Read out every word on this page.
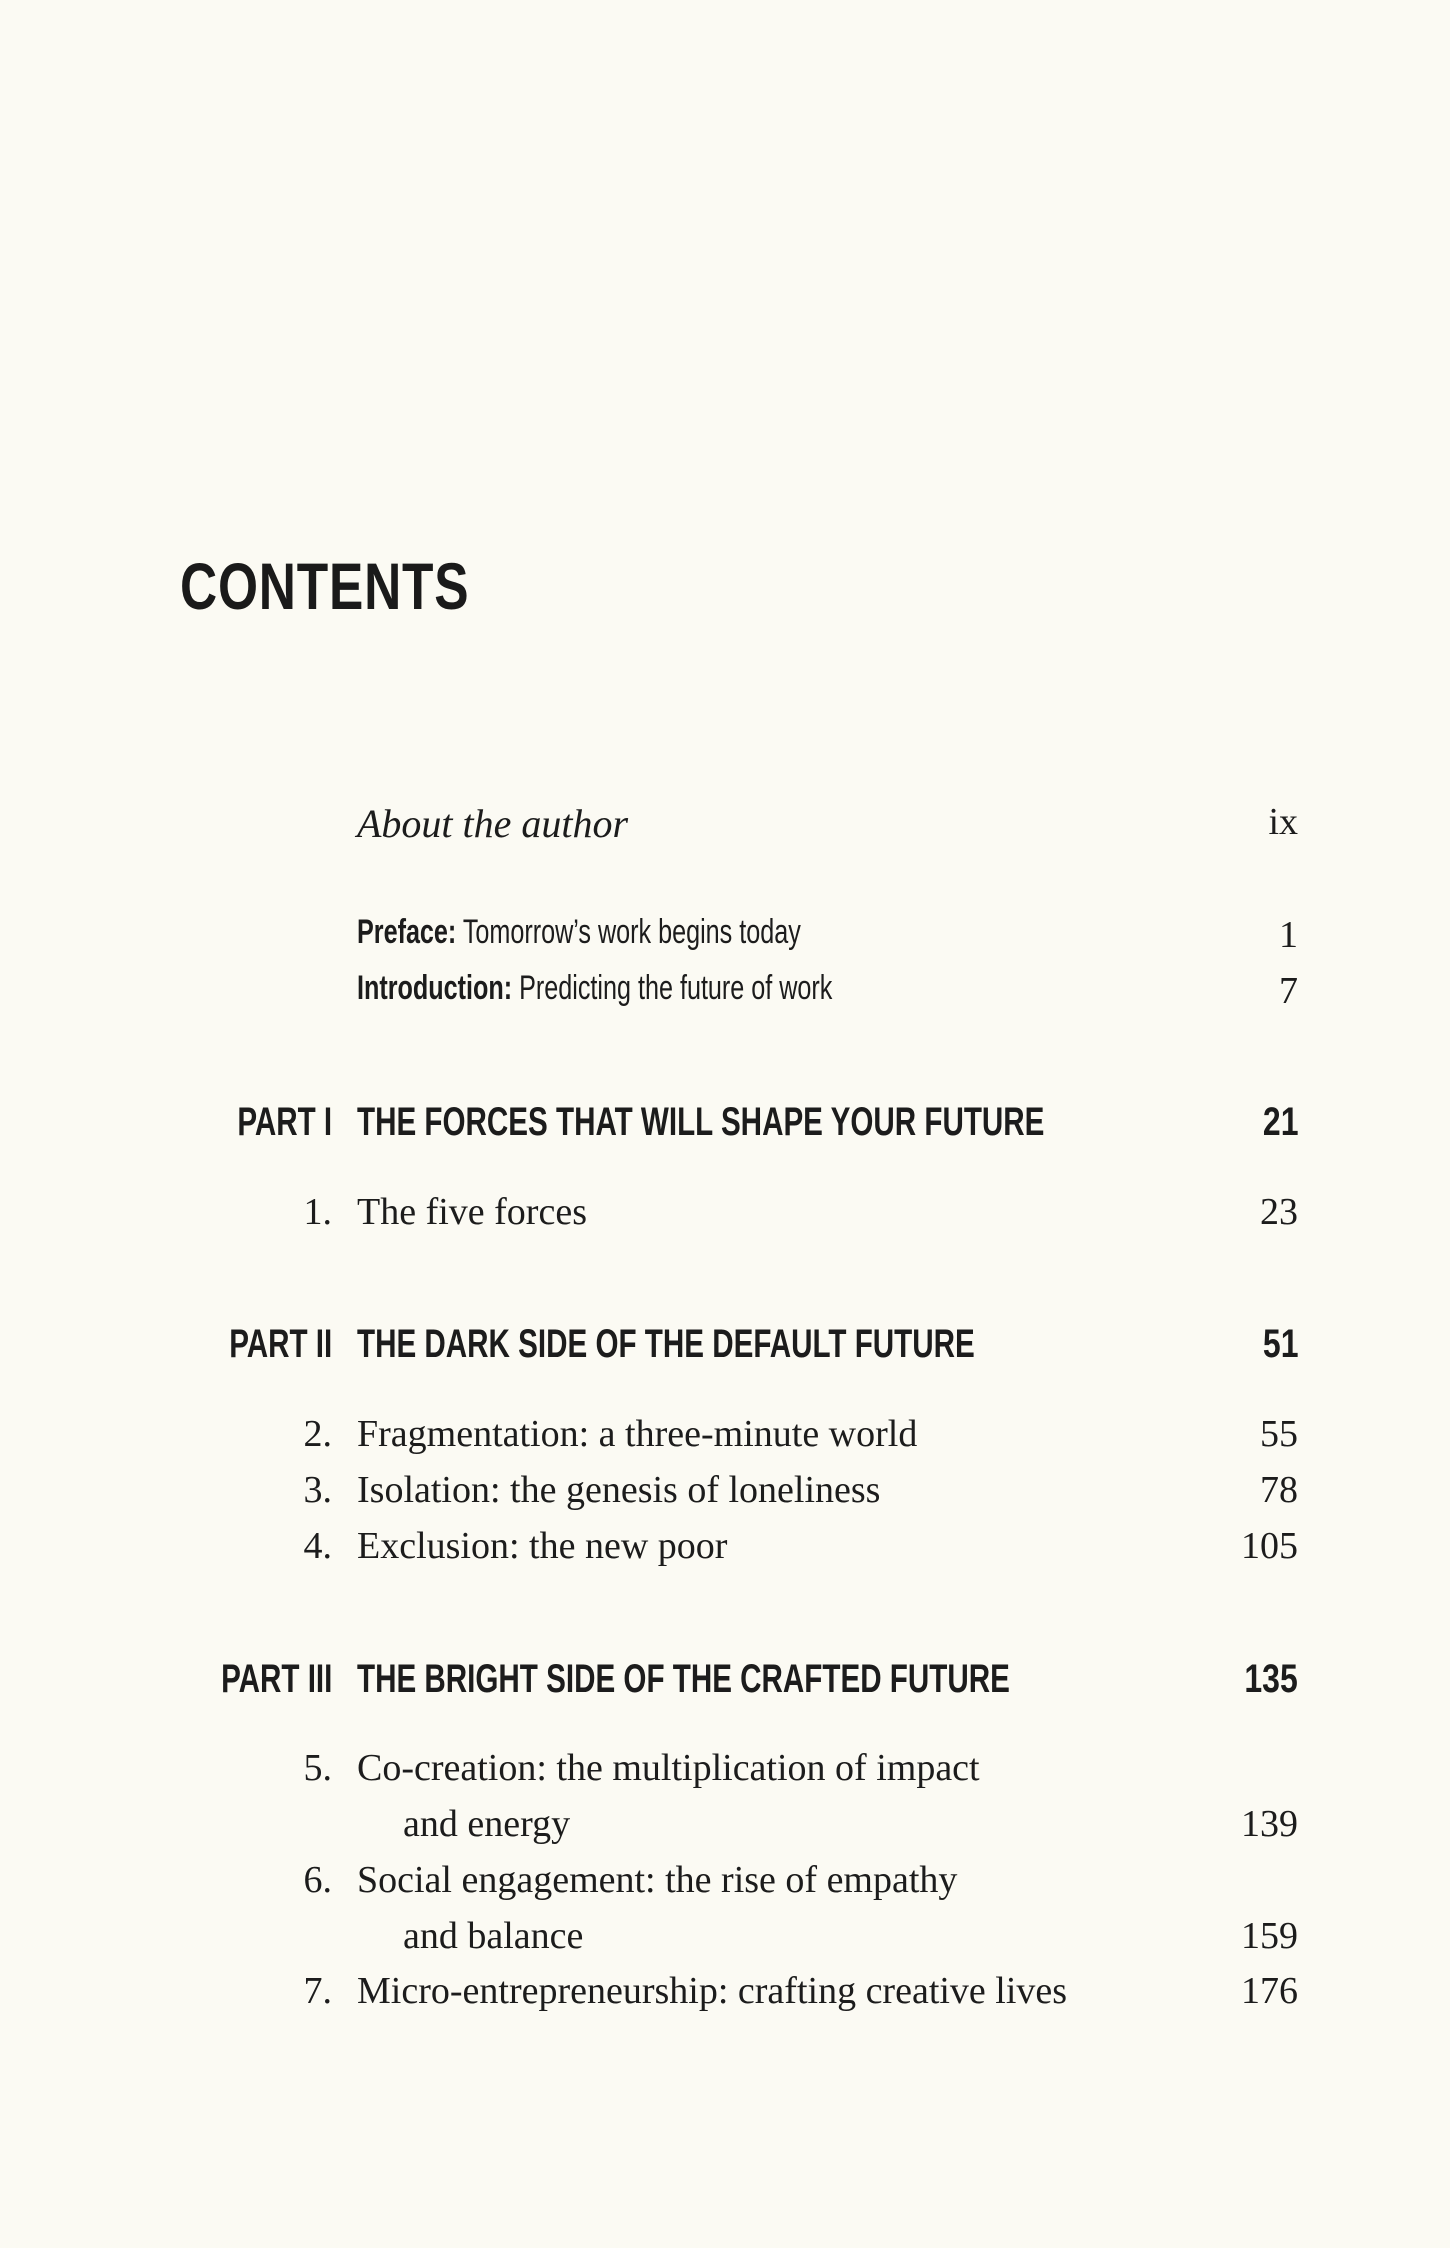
CONTENTS
About the author	ix
Preface: Tomorrow’s work begins today	1
Introduction: Predicting the future of work	7
PART I THE FORCES THAT WILL SHAPE YOUR FUTURE	21
1. The five forces	23
PART II THE DARK SIDE OF THE DEFAULT FUTURE	51
2. Fragmentation: a three-minute world	55
3. Isolation: the genesis of loneliness	78
4. Exclusion: the new poor	105
PART III THE BRIGHT SIDE OF THE CRAFTED FUTURE	135
5. Co-creation: the multiplication of impact
and energy	139
6. Social engagement: the rise of empathy
and balance	159
7. Micro-entrepreneurship: crafting creative lives	176
